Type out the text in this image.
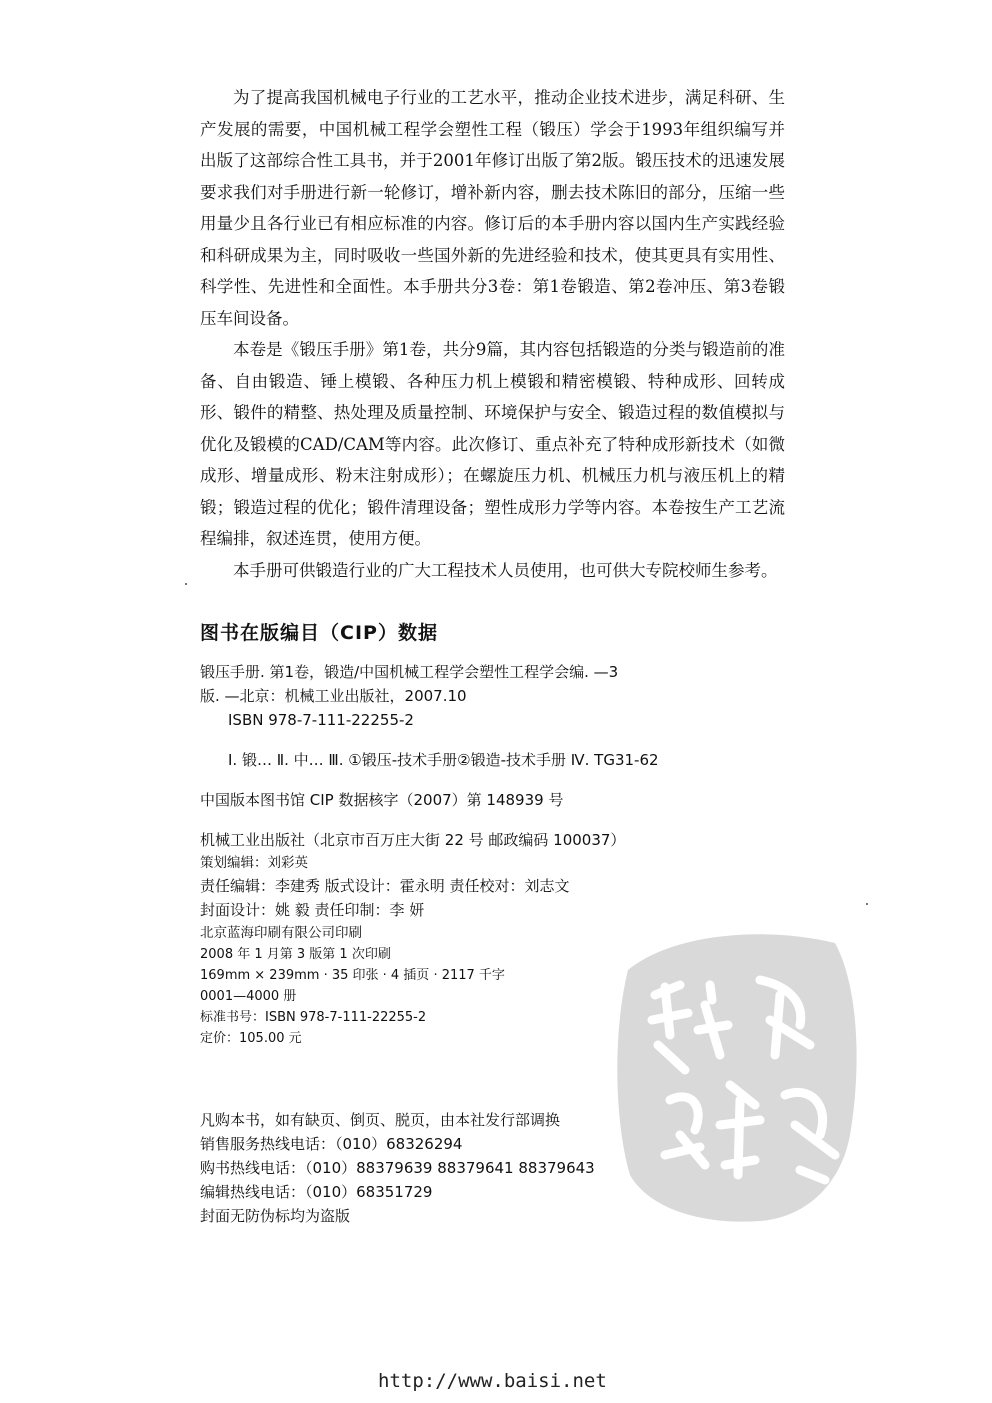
为了提高我国机械电子行业的工艺水平，推动企业技术进步，满足科研、生产发展的需要，中国机械工程学会塑性工程（锻压）学会于1993年组织编写并出版了这部综合性工具书，并于2001年修订出版了第2版。锻压技术的迅速发展要求我们对手册进行新一轮修订，增补新内容，删去技术陈旧的部分，压缩一些用量少且各行业已有相应标准的内容。修订后的本手册内容以国内生产实践经验和科研成果为主，同时吸收一些国外新的先进经验和技术，使其更具有实用性、科学性、先进性和全面性。本手册共分3卷：第1卷锻造、第2卷冲压、第3卷锻压车间设备。

本卷是《锻压手册》第1卷，共分9篇，其内容包括锻造的分类与锻造前的准备、自由锻造、锤上模锻、各种压力机上模锻和精密模锻、特种成形、回转成形、锻件的精整、热处理及质量控制、环境保护与安全、锻造过程的数值模拟与优化及锻模的CAD/CAM等内容。此次修订、重点补充了特种成形新技术（如微成形、增量成形、粉末注射成形）；在螺旋压力机、机械压力机与液压机上的精锻；锻造过程的优化；锻件清理设备；塑性成形力学等内容。本卷按生产工艺流程编排，叙述连贯，使用方便。

本手册可供锻造行业的广大工程技术人员使用，也可供大专院校师生参考。

图书在版编目（CIP）数据
锻压手册. 第1卷，锻造/中国机械工程学会塑性工程学会编. —3
版. —北京：机械工业出版社，2007.10
ISBN 978-7-111-22255-2
Ⅰ. 锻… Ⅱ. 中… Ⅲ. ①锻压-技术手册②锻造-技术手册 Ⅳ. TG31-62
中国版本图书馆 CIP 数据核字（2007）第 148939 号
机械工业出版社（北京市百万庄大街 22 号 邮政编码 100037）
策划编辑：刘彩英
责任编辑：李建秀 版式设计：霍永明 责任校对：刘志文
封面设计：姚 毅 责任印制：李 妍
北京蓝海印刷有限公司印刷
2008 年 1 月第 3 版第 1 次印刷
169mm × 239mm · 35 印张 · 4 插页 · 2117 千字
0001—4000 册
标准书号：ISBN 978-7-111-22255-2
定价：105.00 元
凡购本书，如有缺页、倒页、脱页，由本社发行部调换
销售服务热线电话：（010）68326294
购书热线电话：（010）88379639 88379641 88379643
编辑热线电话：（010）68351729
封面无防伪标均为盗版
http://www.baisi.net
